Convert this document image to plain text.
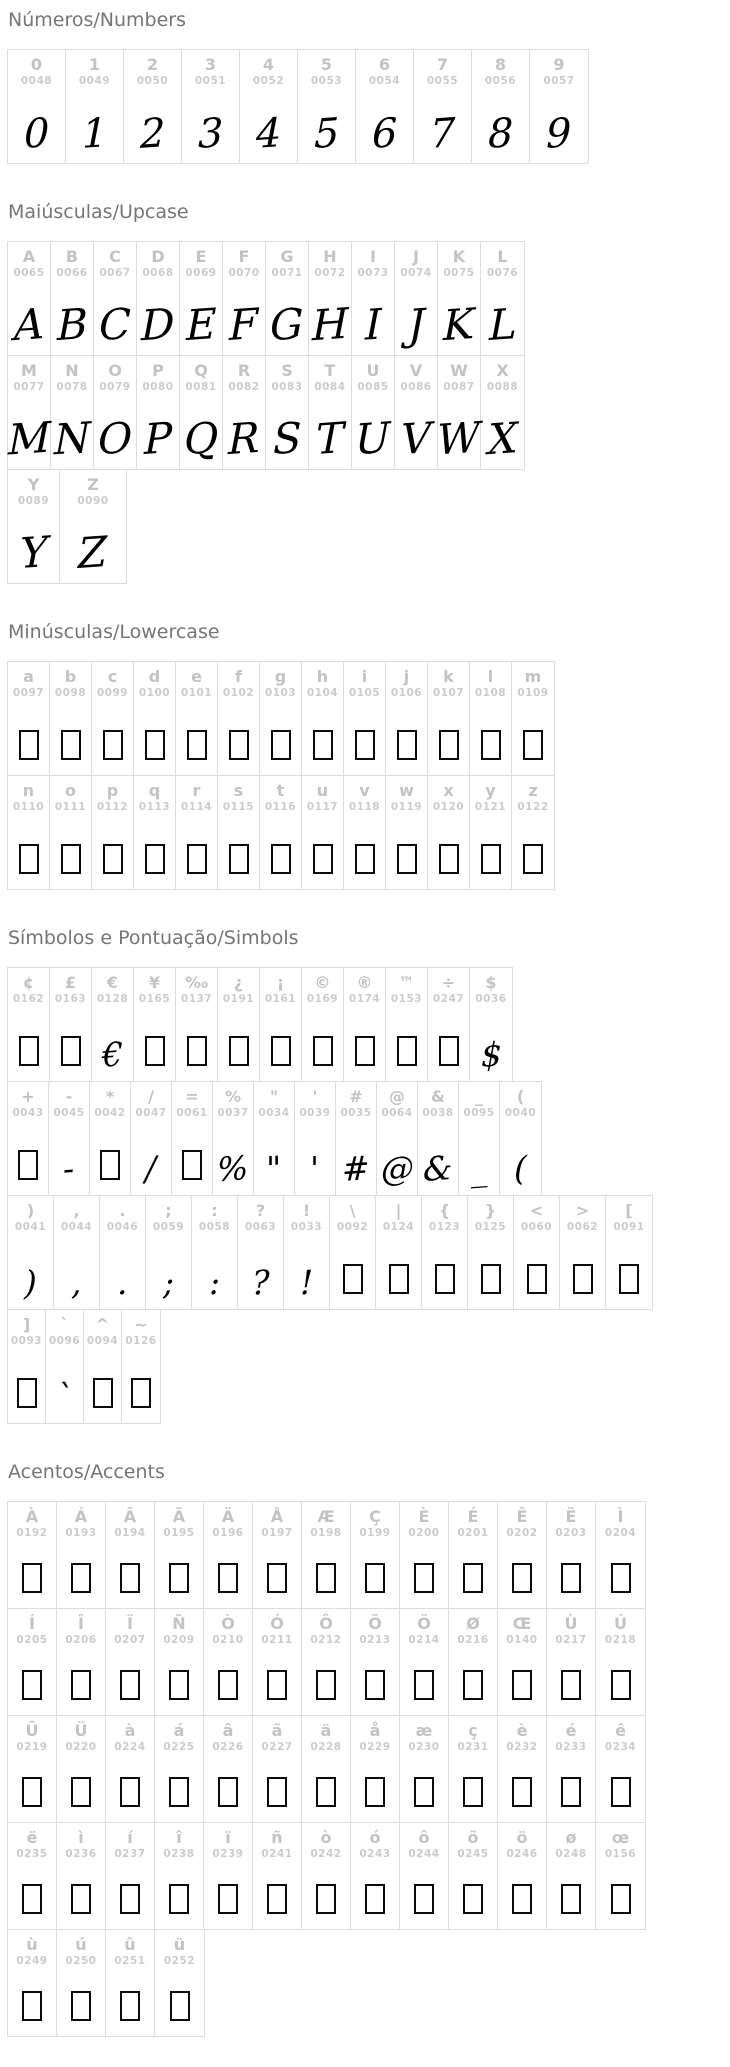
Números/Numbers
0
0048
0
1
0049
1
2
0050
2
3
0051
3
4
0052
4
5
0053
5
6
0054
6
7
0055
7
8
0056
8
9
0057
9
Maiúsculas/Upcase
A
0065
A
B
0066
B
C
0067
C
D
0068
D
E
0069
E
F
0070
F
G
0071
G
H
0072
H
I
0073
I
J
0074
J
K
0075
K
L
0076
L
M
0077
M
N
0078
N
O
0079
O
P
0080
P
Q
0081
Q
R
0082
R
S
0083
S
T
0084
T
U
0085
U
V
0086
V
W
0087
W
X
0088
X
Y
0089
Y
Z
0090
Z
Minúsculas/Lowercase
a
0097
b
0098
c
0099
d
0100
e
0101
f
0102
g
0103
h
0104
i
0105
j
0106
k
0107
l
0108
m
0109
n
0110
o
0111
p
0112
q
0113
r
0114
s
0115
t
0116
u
0117
v
0118
w
0119
x
0120
y
0121
z
0122
Símbolos e Pontuação/Simbols
¢
0162
£
0163
€
0128
€
¥
0165
‰
0137
¿
0191
¡
0161
©
0169
®
0174
™
0153
÷
0247
$
0036
$
+
0043
-
0045
-
*
0042
/
0047
/
=
0061
%
0037
%
"
0034
"
'
0039
'
#
0035
#
@
0064
@
&
0038
&
_
0095
_
(
0040
(
)
0041
)
,
0044
,
.
0046
.
;
0059
;
:
0058
:
?
0063
?
!
0033
!
\
0092
|
0124
{
0123
}
0125
<
0060
>
0062
[
0091
]
0093
`
0096
`
^
0094
~
0126
Acentos/Accents
À
0192
Á
0193
Â
0194
Ã
0195
Ä
0196
Å
0197
Æ
0198
Ç
0199
È
0200
É
0201
Ê
0202
Ë
0203
Ì
0204
Í
0205
Î
0206
Ï
0207
Ñ
0209
Ò
0210
Ó
0211
Ô
0212
Õ
0213
Ö
0214
Ø
0216
Œ
0140
Ù
0217
Ú
0218
Û
0219
Ü
0220
à
0224
á
0225
â
0226
ã
0227
ä
0228
å
0229
æ
0230
ç
0231
è
0232
é
0233
ê
0234
ë
0235
ì
0236
í
0237
î
0238
ï
0239
ñ
0241
ò
0242
ó
0243
ô
0244
õ
0245
ö
0246
ø
0248
œ
0156
ù
0249
ú
0250
û
0251
ü
0252
